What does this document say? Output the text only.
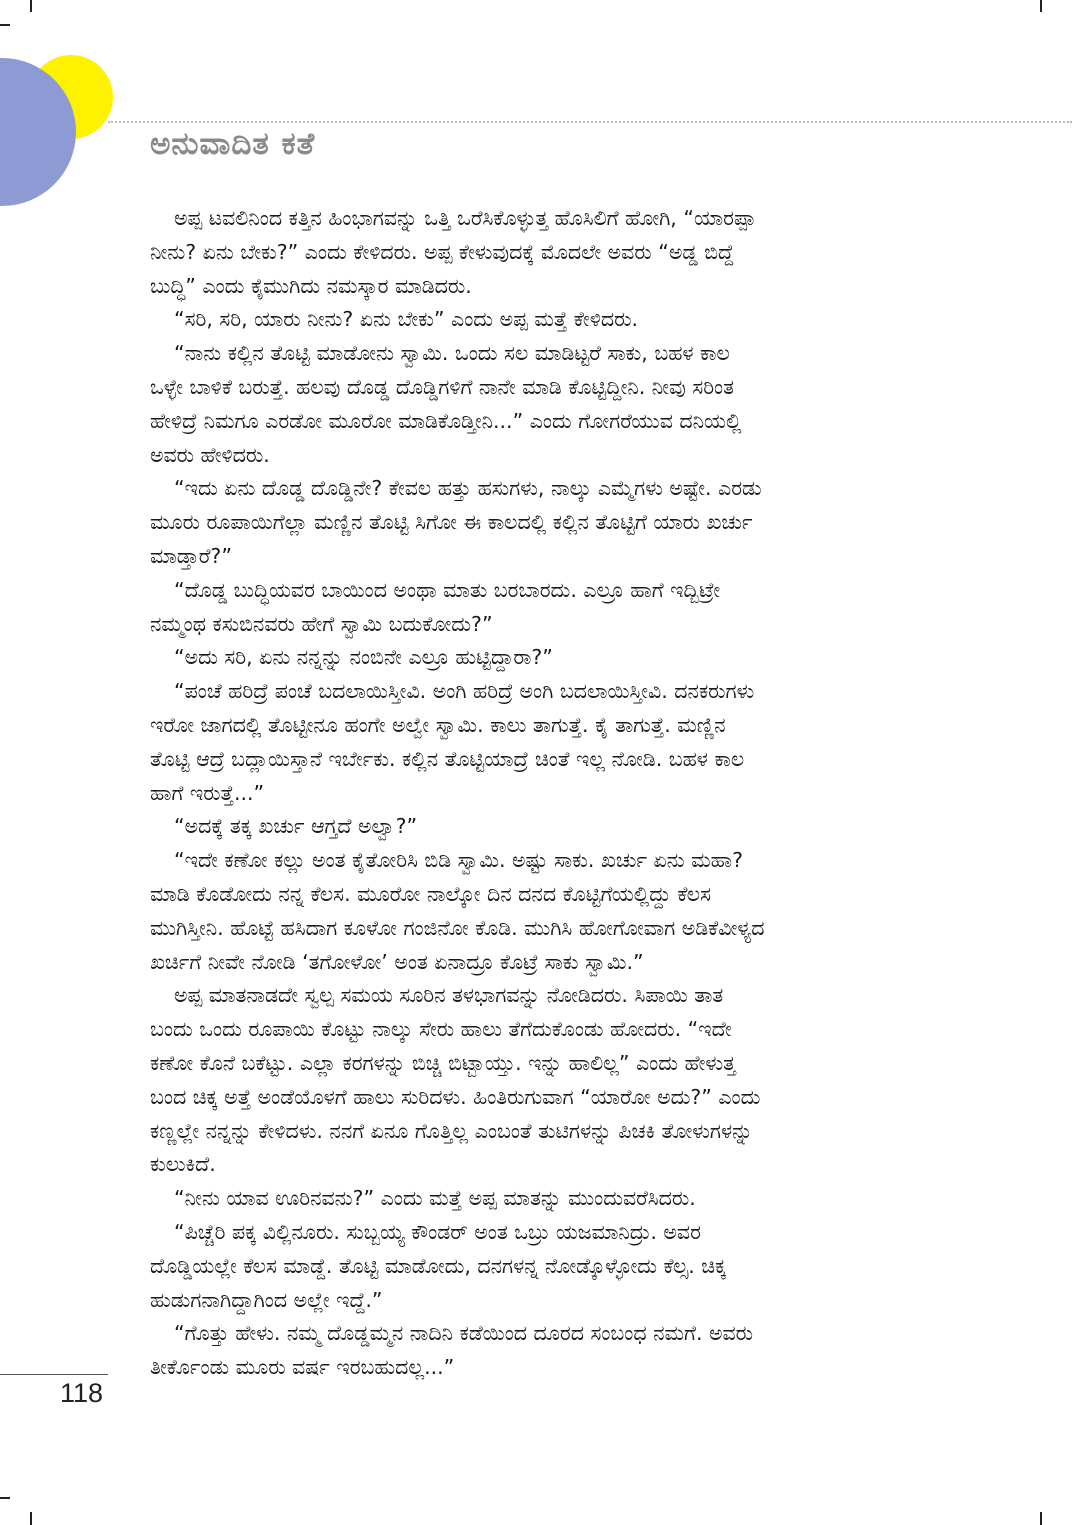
ಅನುವಾದಿತ ಕತೆ
ಅಪ್ಪ ಟವಲಿನಿಂದ ಕತ್ತಿನ ಹಿಂಭಾಗವನ್ನು ಒತ್ತಿ ಒರೆಸಿಕೊಳ್ಳುತ್ತ ಹೊಸಿಲಿಗೆ ಹೋಗಿ, “ಯಾರಪ್ಪಾ
ನೀನು? ಏನು ಬೇಕು?” ಎಂದು ಕೇಳಿದರು. ಅಪ್ಪ ಕೇಳುವುದಕ್ಕೆ ಮೊದಲೇ ಅವರು “ಅಡ್ಡ ಬಿದ್ದೆ
ಬುದ್ಧಿ” ಎಂದು ಕೈಮುಗಿದು ನಮಸ್ಕಾರ ಮಾಡಿದರು.
“ಸರಿ, ಸರಿ, ಯಾರು ನೀನು? ಏನು ಬೇಕು” ಎಂದು ಅಪ್ಪ ಮತ್ತೆ ಕೇಳಿದರು.
“ನಾನು ಕಲ್ಲಿನ ತೊಟ್ಟಿ ಮಾಡೋನು ಸ್ವಾಮಿ. ಒಂದು ಸಲ ಮಾಡಿಟ್ಟರೆ ಸಾಕು, ಬಹಳ ಕಾಲ
ಒಳ್ಳೇ ಬಾಳಿಕೆ ಬರುತ್ತೆ. ಹಲವು ದೊಡ್ಡ ದೊಡ್ಡಿಗಳಿಗೆ ನಾನೇ ಮಾಡಿ ಕೊಟ್ಟಿದ್ದೀನಿ. ನೀವು ಸರಿಂತ
ಹೇಳಿದ್ರೆ ನಿಮಗೂ ಎರಡೋ ಮೂರೋ ಮಾಡಿಕೊಡ್ತೀನಿ...” ಎಂದು ಗೋಗರೆಯುವ ದನಿಯಲ್ಲಿ
ಅವರು ಹೇಳಿದರು.
“ಇದು ಏನು ದೊಡ್ಡ ದೊಡ್ಡಿನೇ? ಕೇವಲ ಹತ್ತು ಹಸುಗಳು, ನಾಲ್ಕು ಎಮ್ಮೆಗಳು ಅಷ್ಟೇ. ಎರಡು
ಮೂರು ರೂಪಾಯಿಗೆಲ್ಲಾ ಮಣ್ಣಿನ ತೊಟ್ಟಿ ಸಿಗೋ ಈ ಕಾಲದಲ್ಲಿ ಕಲ್ಲಿನ ತೊಟ್ಟಿಗೆ ಯಾರು ಖರ್ಚು
ಮಾಡ್ತಾರೆ?”
“ದೊಡ್ಡ ಬುದ್ಧಿಯವರ ಬಾಯಿಂದ ಅಂಥಾ ಮಾತು ಬರಬಾರದು. ಎಲ್ರೂ ಹಾಗೆ ಇದ್ಬಿಟ್ರೇ
ನಮ್ಮಂಥ ಕಸುಬಿನವರು ಹೇಗೆ ಸ್ವಾಮಿ ಬದುಕೋದು?”
“ಅದು ಸರಿ, ಏನು ನನ್ನನ್ನು ನಂಬಿನೇ ಎಲ್ರೂ ಹುಟ್ಟಿದ್ದಾರಾ?”
“ಪಂಚೆ ಹರಿದ್ರೆ ಪಂಚೆ ಬದಲಾಯಿಸ್ತೀವಿ. ಅಂಗಿ ಹರಿದ್ರೆ ಅಂಗಿ ಬದಲಾಯಿಸ್ತೀವಿ. ದನಕರುಗಳು
ಇರೋ ಜಾಗದಲ್ಲಿ ತೊಟ್ಟೀನೂ ಹಂಗೇ ಅಲ್ವೇ ಸ್ವಾಮಿ. ಕಾಲು ತಾಗುತ್ತೆ. ಕೈ ತಾಗುತ್ತೆ. ಮಣ್ಣಿನ
ತೊಟ್ಟಿ ಆದ್ರೆ ಬದ್ಲಾಯಿಸ್ತಾನೆ ಇರ್ಬೇಕು. ಕಲ್ಲಿನ ತೊಟ್ಟಿಯಾದ್ರೆ ಚಿಂತೆ ಇಲ್ಲ ನೋಡಿ. ಬಹಳ ಕಾಲ
ಹಾಗೆ ಇರುತ್ತೆ...”
“ಅದಕ್ಕೆ ತಕ್ಕ ಖರ್ಚು ಆಗ್ತದೆ ಅಲ್ವಾ?”
“ಇದೇ ಕಣೋ ಕಲ್ಲು ಅಂತ ಕೈತೋರಿಸಿ ಬಿಡಿ ಸ್ವಾಮಿ. ಅಷ್ಟು ಸಾಕು. ಖರ್ಚು ಏನು ಮಹಾ?
ಮಾಡಿ ಕೊಡೋದು ನನ್ನ ಕೆಲಸ. ಮೂರೋ ನಾಲ್ಕೋ ದಿನ ದನದ ಕೊಟ್ಟಿಗೆಯಲ್ಲಿದ್ದು ಕೆಲಸ
ಮುಗಿಸ್ತೀನಿ. ಹೊಟ್ಟೆ ಹಸಿದಾಗ ಕೂಳೋ ಗಂಜಿನೋ ಕೊಡಿ. ಮುಗಿಸಿ ಹೋಗೋವಾಗ ಅಡಿಕೆವೀಳ್ಯದ
ಖರ್ಚಿಗೆ ನೀವೇ ನೋಡಿ ‘ತಗೋಳೋ’ ಅಂತ ಏನಾದ್ರೂ ಕೊಟ್ರೆ ಸಾಕು ಸ್ವಾಮಿ.”
ಅಪ್ಪ ಮಾತನಾಡದೇ ಸ್ವಲ್ಪ ಸಮಯ ಸೂರಿನ ತಳಭಾಗವನ್ನು ನೋಡಿದರು. ಸಿಪಾಯಿ ತಾತ
ಬಂದು ಒಂದು ರೂಪಾಯಿ ಕೊಟ್ಟು ನಾಲ್ಕು ಸೇರು ಹಾಲು ತೆಗೆದುಕೊಂಡು ಹೋದರು. “ಇದೇ
ಕಣೋ ಕೊನೆ ಬಕೆಟ್ಟು. ಎಲ್ಲಾ ಕರಗಳನ್ನು ಬಿಚ್ಚಿ ಬಿಟ್ಬಾಯ್ತು. ಇನ್ನು ಹಾಲಿಲ್ಲ” ಎಂದು ಹೇಳುತ್ತ
ಬಂದ ಚಿಕ್ಕ ಅತ್ತೆ ಅಂಡೆಯೊಳಗೆ ಹಾಲು ಸುರಿದಳು. ಹಿಂತಿರುಗುವಾಗ “ಯಾರೋ ಅದು?” ಎಂದು
ಕಣ್ಣಲ್ಲೇ ನನ್ನನ್ನು ಕೇಳಿದಳು. ನನಗೆ ಏನೂ ಗೊತ್ತಿಲ್ಲ ಎಂಬಂತೆ ತುಟಿಗಳನ್ನು ಪಿಚಕಿ ತೋಳುಗಳನ್ನು
ಕುಲುಕಿದೆ.
“ನೀನು ಯಾವ ಊರಿನವನು?” ಎಂದು ಮತ್ತೆ ಅಪ್ಪ ಮಾತನ್ನು ಮುಂದುವರೆಸಿದರು.
“ಪಿಚ್ಚೆರಿ ಪಕ್ಕ ವಿಲ್ಲಿನೂರು. ಸುಬ್ಬಯ್ಯ ಕೌಂಡರ್ ಅಂತ ಒಬ್ರು ಯಜಮಾನಿದ್ರು. ಅವರ
ದೊಡ್ಡಿಯಲ್ಲೇ ಕೆಲಸ ಮಾಡ್ದೆ. ತೊಟ್ಟಿ ಮಾಡೋದು, ದನಗಳನ್ನ ನೋಡ್ಕೊಳ್ಳೋದು ಕೆಲ್ಸ. ಚಿಕ್ಕ
ಹುಡುಗನಾಗಿದ್ದಾಗಿಂದ ಅಲ್ಲೇ ಇದ್ದೆ.”
“ಗೊತ್ತು ಹೇಳು. ನಮ್ಮ ದೊಡ್ಡಮ್ಮನ ನಾದಿನಿ ಕಡೆಯಿಂದ ದೂರದ ಸಂಬಂಧ ನಮಗೆ. ಅವರು
ತೀರ್ಕೊಂಡು ಮೂರು ವರ್ಷ ಇರಬಹುದಲ್ಲ...”
118
